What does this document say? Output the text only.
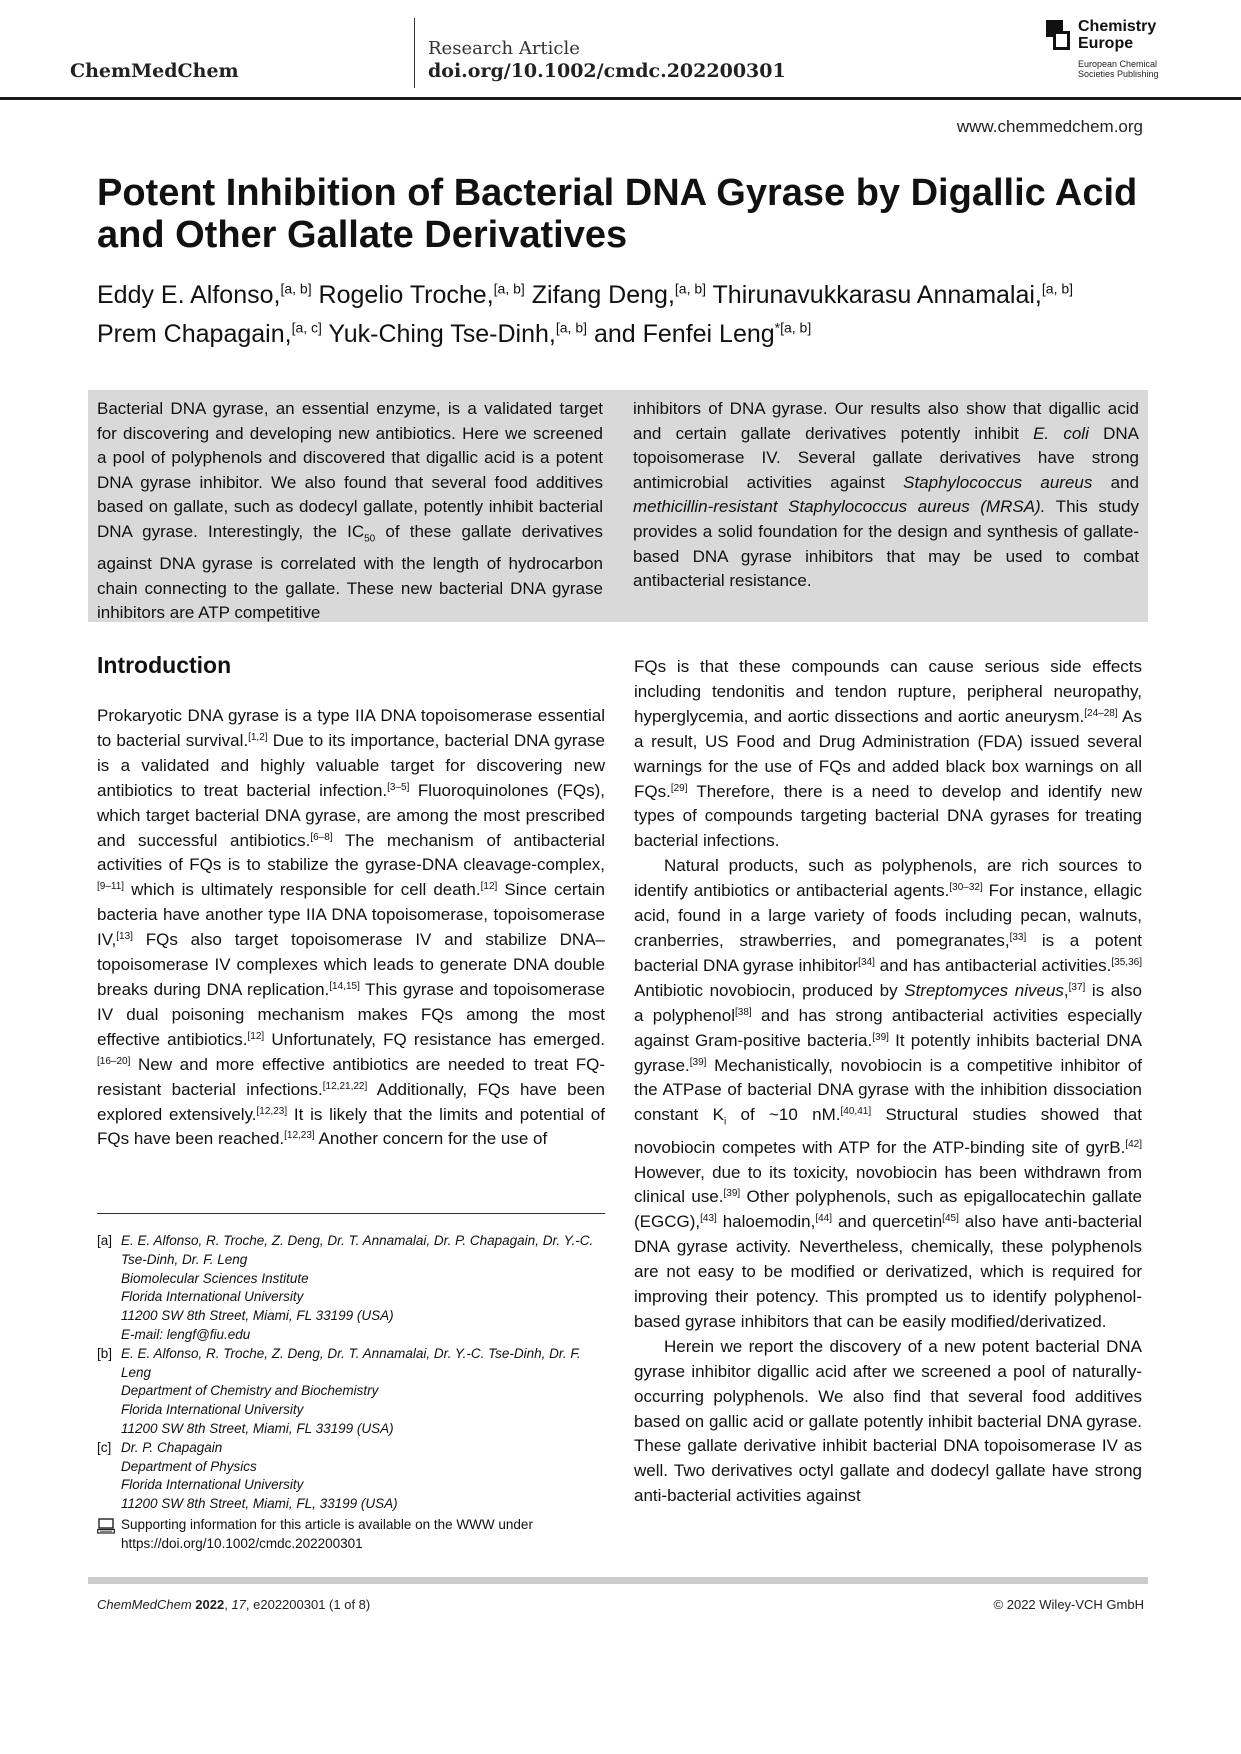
ChemMedChem
Research Article
doi.org/10.1002/cmdc.202200301
Chemistry
Europe
European Chemical
Societies Publishing
www.chemmedchem.org
Potent Inhibition of Bacterial DNA Gyrase by Digallic Acid and Other Gallate Derivatives
Eddy E. Alfonso,[a, b] Rogelio Troche,[a, b] Zifang Deng,[a, b] Thirunavukkarasu Annamalai,[a, b]
Prem Chapagain,[a, c] Yuk-Ching Tse-Dinh,[a, b] and Fenfei Leng$^{*[a, b]}$
Bacterial DNA gyrase, an essential enzyme, is a validated target for discovering and developing new antibiotics. Here we screened a pool of polyphenols and discovered that digallic acid is a potent DNA gyrase inhibitor. We also found that several food additives based on gallate, such as dodecyl gallate, potently inhibit bacterial DNA gyrase. Interestingly, the $IC_{50}$ of these gallate derivatives against DNA gyrase is correlated with the length of hydrocarbon chain connecting to the gallate. These new bacterial DNA gyrase inhibitors are ATP competitive
inhibitors of DNA gyrase. Our results also show that digallic acid and certain gallate derivatives potently inhibit E. coli DNA topoisomerase IV. Several gallate derivatives have strong antimicrobial activities against Staphylococcus aureus and methicillin-resistant Staphylococcus aureus (MRSA). This study provides a solid foundation for the design and synthesis of gallate-based DNA gyrase inhibitors that may be used to combat antibacterial resistance.
Introduction

Prokaryotic DNA gyrase is a type IIA DNA topoisomerase essential to bacterial survival.[1,2] Due to its importance, bacterial DNA gyrase is a validated and highly valuable target for discovering new antibiotics to treat bacterial infection.[3–5] Fluoroquinolones (FQs), which target bacterial DNA gyrase, are among the most prescribed and successful antibiotics.[6–8] The mechanism of antibacterial activities of FQs is to stabilize the gyrase-DNA cleavage-complex,[9–11] which is ultimately responsible for cell death.[12] Since certain bacteria have another type IIA DNA topoisomerase, topoisomerase IV,[13] FQs also target topoisomerase IV and stabilize DNA–topoisomerase IV complexes which leads to generate DNA double breaks during DNA replication.[14,15] This gyrase and topoisomerase IV dual poisoning mechanism makes FQs among the most effective antibiotics.[12] Unfortunately, FQ resistance has emerged.[16–20] New and more effective antibiotics are needed to treat FQ-resistant bacterial infections.[12,21,22] Additionally, FQs have been explored extensively.[12,23] It is likely that the limits and potential of FQs have been reached.[12,23] Another concern for the use of

[a] E. E. Alfonso, R. Troche, Z. Deng, Dr. T. Annamalai, Dr. P. Chapagain, Dr. Y.-C. Tse-Dinh, Dr. F. Leng
Biomolecular Sciences Institute
Florida International University
11200 SW 8th Street, Miami, FL 33199 (USA)
E-mail: lengf@fiu.edu
[b] E. E. Alfonso, R. Troche, Z. Deng, Dr. T. Annamalai, Dr. Y.-C. Tse-Dinh, Dr. F. Leng
Department of Chemistry and Biochemistry
Florida International University
11200 SW 8th Street, Miami, FL 33199 (USA)
[c] Dr. P. Chapagain
Department of Physics
Florida International University
11200 SW 8th Street, Miami, FL, 33199 (USA)
Supporting information for this article is available on the WWW under https://doi.org/10.1002/cmdc.202200301

FQs is that these compounds can cause serious side effects including tendonitis and tendon rupture, peripheral neuropathy, hyperglycemia, and aortic dissections and aortic aneurysm.[24–28] As a result, US Food and Drug Administration (FDA) issued several warnings for the use of FQs and added black box warnings on all FQs.[29] Therefore, there is a need to develop and identify new types of compounds targeting bacterial DNA gyrases for treating bacterial infections.

Natural products, such as polyphenols, are rich sources to identify antibiotics or antibacterial agents.[30–32] For instance, ellagic acid, found in a large variety of foods including pecan, walnuts, cranberries, strawberries, and pomegranates,[33] is a potent bacterial DNA gyrase inhibitor[34] and has antibacterial activities.[35,36] Antibiotic novobiocin, produced by Streptomyces niveus,[37] is also a polyphenol[38] and has strong antibacterial activities especially against Gram-positive bacteria.[39] It potently inhibits bacterial DNA gyrase.[39] Mechanistically, novobiocin is a competitive inhibitor of the ATPase of bacterial DNA gyrase with the inhibition dissociation constant $K_i$ of ~10 nM.[40,41] Structural studies showed that novobiocin competes with ATP for the ATP-binding site of gyrB.[42] However, due to its toxicity, novobiocin has been withdrawn from clinical use.[39] Other polyphenols, such as epigallocatechin gallate (EGCG),[43] haloemodin,[44] and quercetin[45] also have anti-bacterial DNA gyrase activity. Nevertheless, chemically, these polyphenols are not easy to be modified or derivatized, which is required for improving their potency. This prompted us to identify polyphenol-based gyrase inhibitors that can be easily modified/derivatized.

Herein we report the discovery of a new potent bacterial DNA gyrase inhibitor digallic acid after we screened a pool of naturally-occurring polyphenols. We also find that several food additives based on gallic acid or gallate potently inhibit bacterial DNA gyrase. These gallate derivative inhibit bacterial DNA topoisomerase IV as well. Two derivatives octyl gallate and dodecyl gallate have strong anti-bacterial activities against

ChemMedChem 2022, 17, e202200301 (1 of 8)	© 2022 Wiley-VCH GmbH
